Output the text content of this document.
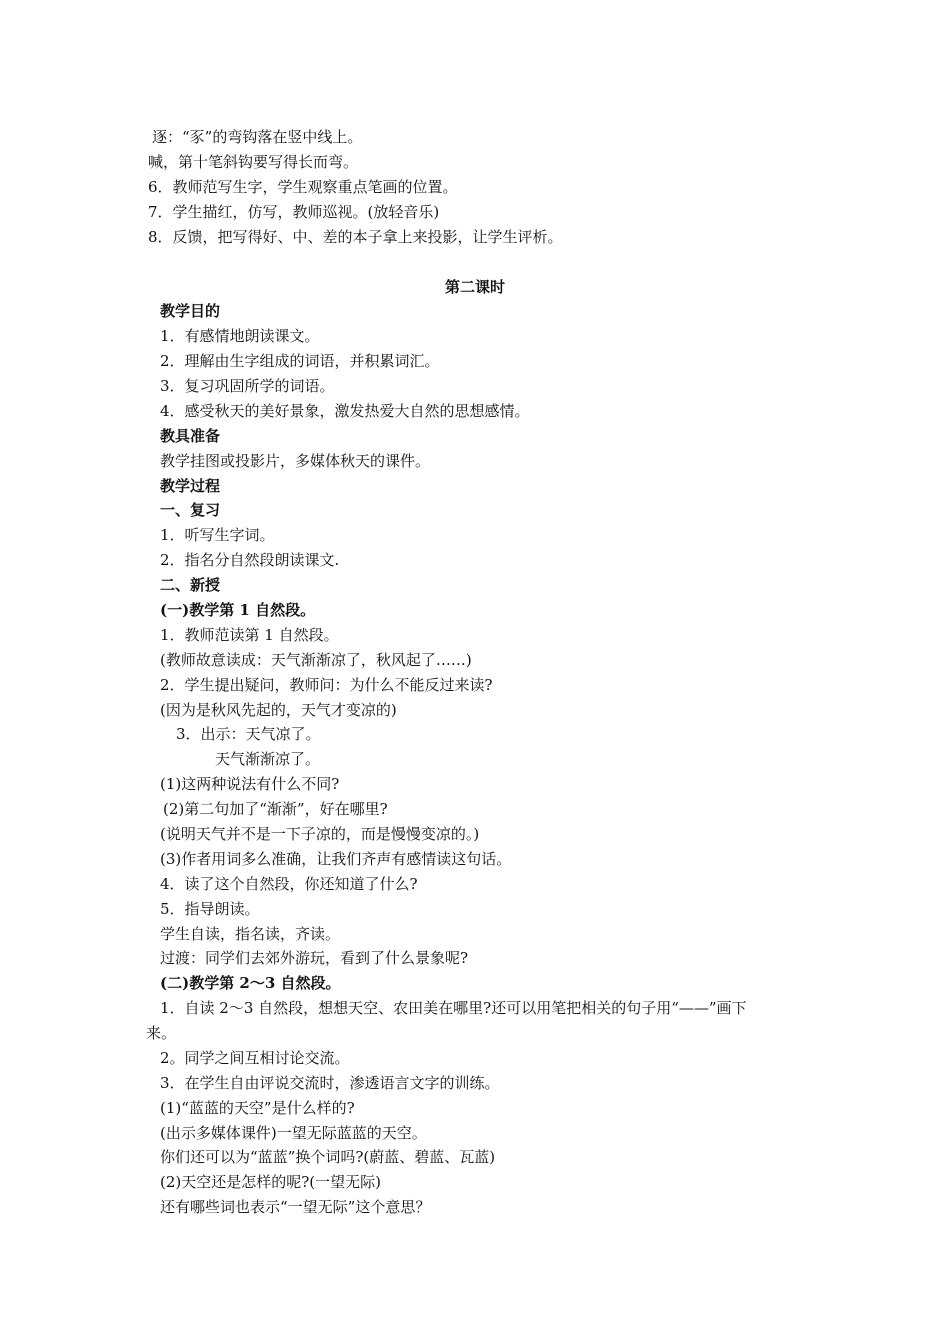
逐：“豕”的弯钩落在竖中线上。
喊，第十笔斜钩要写得长而弯。
6．教师范写生字，学生观察重点笔画的位置。
7．学生描红，仿写，教师巡视。(放轻音乐)
8．反馈，把写得好、中、差的本子拿上来投影，让学生评析。
第二课时
教学目的
1．有感情地朗读课文。
2．理解由生字组成的词语，并积累词汇。
3．复习巩固所学的词语。
4．感受秋天的美好景象，激发热爱大自然的思想感情。
教具准备
教学挂图或投影片，多媒体秋天的课件。
教学过程
一、复习
1．听写生字词。
2．指名分自然段朗读课文.
二、新授
(一)教学第 1 自然段。
1．教师范读第 1 自然段。
(教师故意读成：天气渐渐凉了，秋风起了……)
2．学生提出疑问，教师问：为什么不能反过来读?
(因为是秋风先起的，天气才变凉的)
3．出示：天气凉了。
天气渐渐凉了。
(1)这两种说法有什么不同?
(2)第二句加了“渐渐”，好在哪里?
(说明天气并不是一下子凉的，而是慢慢变凉的。)
(3)作者用词多么准确，让我们齐声有感情读这句话。
4．读了这个自然段，你还知道了什么?
5．指导朗读。
学生自读，指名读，齐读。
过渡：同学们去郊外游玩，看到了什么景象呢?
(二)教学第 2～3 自然段。
1．自读 2～3 自然段，想想天空、农田美在哪里?还可以用笔把相关的句子用“——”画下
来。
2。同学之间互相讨论交流。
3．在学生自由评说交流时，渗透语言文字的训练。
(1)“蓝蓝的天空”是什么样的?
(出示多媒体课件)一望无际蓝蓝的天空。
你们还可以为“蓝蓝”换个词吗?(蔚蓝、碧蓝、瓦蓝)
(2)天空还是怎样的呢?(一望无际)
还有哪些词也表示“一望无际”这个意思？
